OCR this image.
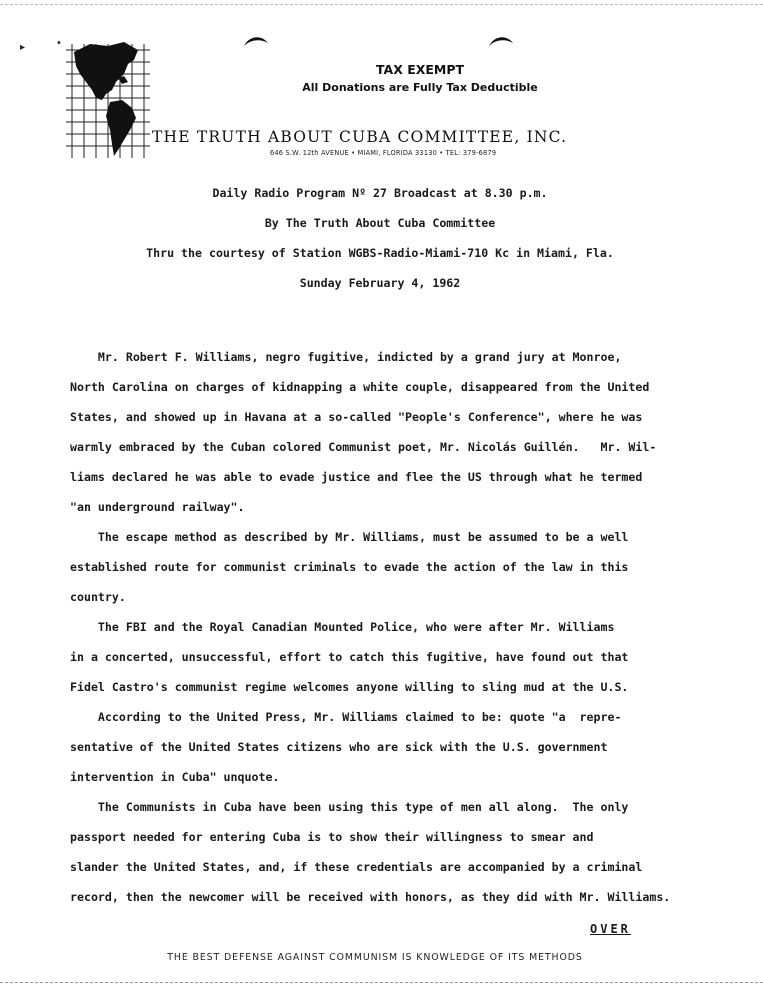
▸	•
TAX EXEMPT
All Donations are Fully Tax Deductible
THE TRUTH ABOUT CUBA COMMITTEE, INC.
646 S.W. 12th AVENUE • MIAMI, FLORIDA 33130 • TEL: 379-6879
Daily Radio Program Nº 27 Broadcast at 8.30 p.m.
By The Truth About Cuba Committee
Thru the courtesy of Station WGBS-Radio-Miami-710 Kc in Miami, Fla.
Sunday February 4, 1962
Mr. Robert F. Williams, negro fugitive, indicted by a grand jury at Monroe,
North Carolina on charges of kidnapping a white couple, disappeared from the United
States, and showed up in Havana at a so-called "People's Conference", where he was
warmly embraced by the Cuban colored Communist poet, Mr. Nicolás Guillén.   Mr. Wil-
liams declared he was able to evade justice and flee the US through what he termed
"an underground railway".
The escape method as described by Mr. Williams, must be assumed to be a well
established route for communist criminals to evade the action of the law in this
country.
The FBI and the Royal Canadian Mounted Police, who were after Mr. Williams
in a concerted, unsuccessful, effort to catch this fugitive, have found out that
Fidel Castro's communist regime welcomes anyone willing to sling mud at the U.S.
According to the United Press, Mr. Williams claimed to be: quote "a  repre-
sentative of the United States citizens who are sick with the U.S. government
intervention in Cuba" unquote.
The Communists in Cuba have been using this type of men all along.  The only
passport needed for entering Cuba is to show their willingness to smear and
slander the United States, and, if these credentials are accompanied by a criminal
record, then the newcomer will be received with honors, as they did with Mr. Williams.
OVER
THE BEST DEFENSE AGAINST COMMUNISM IS KNOWLEDGE OF ITS METHODS
